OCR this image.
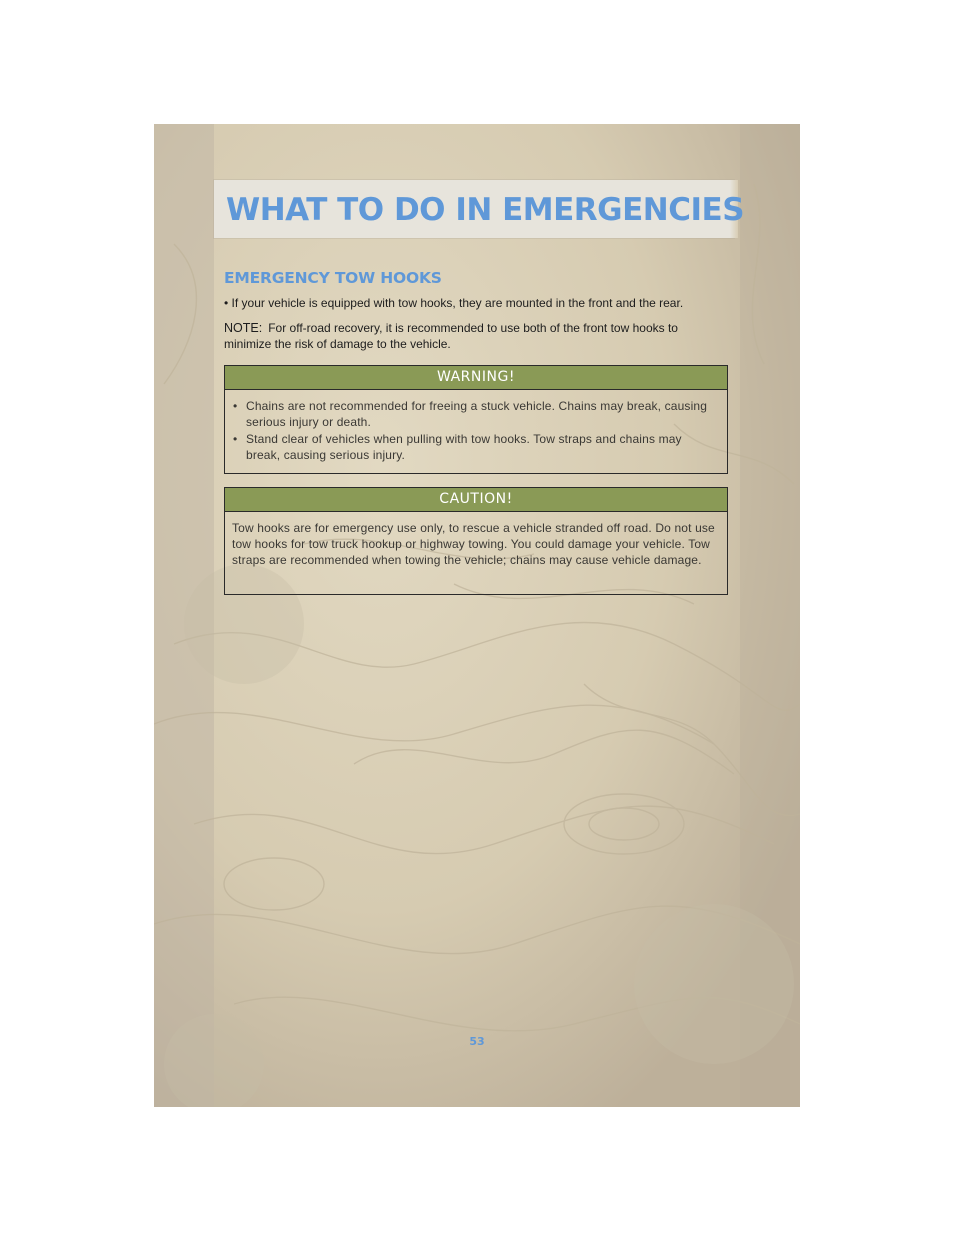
WHAT TO DO IN EMERGENCIES
EMERGENCY TOW HOOKS
• If your vehicle is equipped with tow hooks, they are mounted in the front and the rear.
NOTE: For off-road recovery, it is recommended to use both of the front tow hooks to minimize the risk of damage to the vehicle.
WARNING!
• Chains are not recommended for freeing a stuck vehicle. Chains may break, causing serious injury or death.
• Stand clear of vehicles when pulling with tow hooks. Tow straps and chains may break, causing serious injury.
CAUTION!
Tow hooks are for emergency use only, to rescue a vehicle stranded off road. Do not use tow hooks for tow truck hookup or highway towing. You could damage your vehicle. Tow straps are recommended when towing the vehicle; chains may cause vehicle damage.
53
